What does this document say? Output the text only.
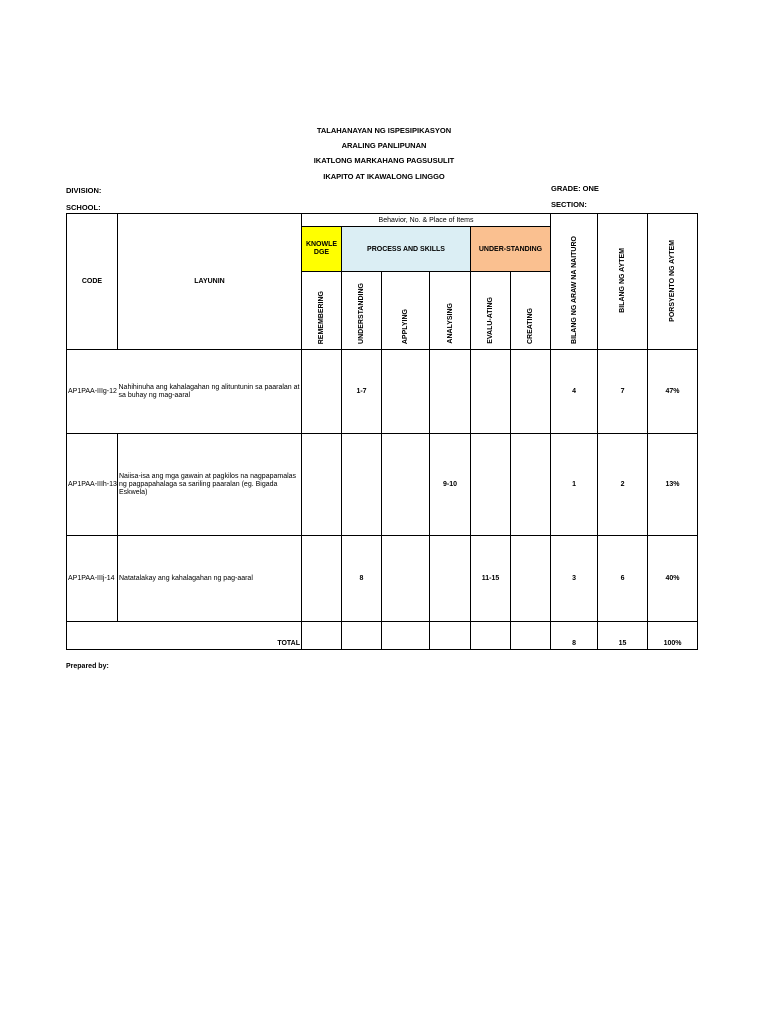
TALAHANAYAN NG ISPESIPIKASYON
ARALING PANLIPUNAN
IKATLONG MARKAHANG PAGSUSULIT
IKAPITO AT IKAWALONG LINGGO
DIVISION:
SCHOOL:
GRADE: ONE
SECTION:
CODE	LAYUNIN	Behavior, No. & Place of Items						BILANG NG ARAW NA NAITURO	BILANG NG AYTEM	PORSYENTO NG AYTEM
		KNOWLE DGE	PROCESS AND SKILLS			UNDER-STANDING				
		REMEMBERING	UNDERSTANDING	APPLYING	ANALYSING	EVALU-ATING	CREATING			
AP1PAA-IIIg-12	Nahihinuha ang kahalagahan ng alituntunin sa paaralan at sa buhay ng mag-aaral		1-7					4	7	47%
AP1PAA-IIIh-13	Naiisa-isa ang mga gawain at pagkilos na nagpapamalas ng pagpapahalaga sa sariling paaralan (eg. Bigada Eskwela)				9-10			1	2	13%
AP1PAA-IIIj-14	Natatalakay ang kahalagahan ng pag-aaral		8			11-15		3	6	40%
TOTAL								8	15	100%
Prepared by:
